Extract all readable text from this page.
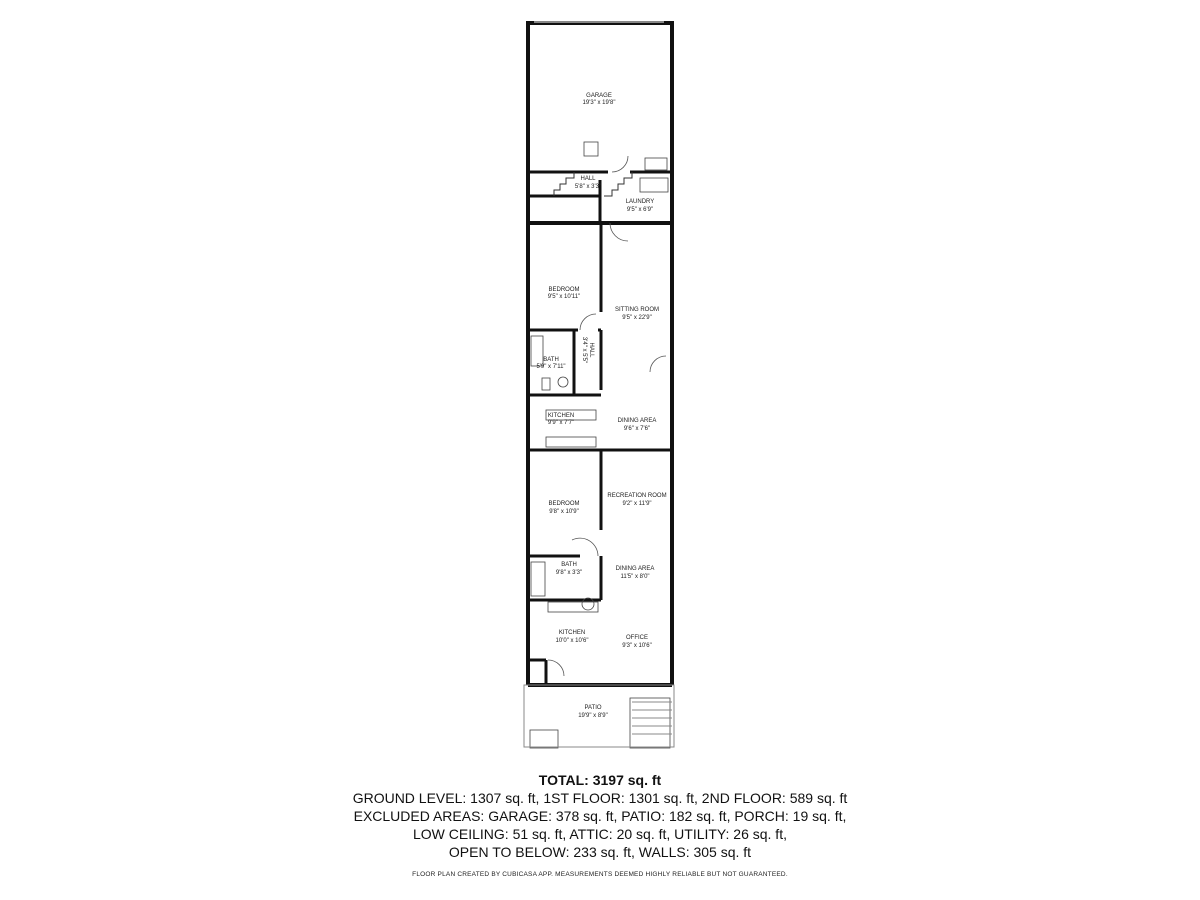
GARAGE
19'3" x 19'8"
HALL
5'8" x 3'3"
LAUNDRY
9'5" x 6'9"
BEDROOM
9'5" x 10'11"
SITTING ROOM
9'5" x 22'9"
BATH
5'9" x 7'11"
HALL
3'4" x 5'5"
KITCHEN
9'9" x 7'7"	DINING AREA
9'6" x 7'6"
BEDROOM
9'8" x 10'9"
RECREATION ROOM
9'2" x 11'9"
BATH
9'8" x 3'3"
DINING AREA
11'5" x 8'0"
KITCHEN
10'0" x 10'6"	OFFICE
9'3" x 10'6"
PATIO
19'9" x 8'9"
TOTAL: 3197 sq. ft
GROUND LEVEL: 1307 sq. ft, 1ST FLOOR: 1301 sq. ft, 2ND FLOOR: 589 sq. ft
EXCLUDED AREAS: GARAGE: 378 sq. ft, PATIO: 182 sq. ft, PORCH: 19 sq. ft,
LOW CEILING: 51 sq. ft, ATTIC: 20 sq. ft, UTILITY: 26 sq. ft,
OPEN TO BELOW: 233 sq. ft, WALLS: 305 sq. ft
FLOOR PLAN CREATED BY CUBICASA APP. MEASUREMENTS DEEMED HIGHLY RELIABLE BUT NOT GUARANTEED.
